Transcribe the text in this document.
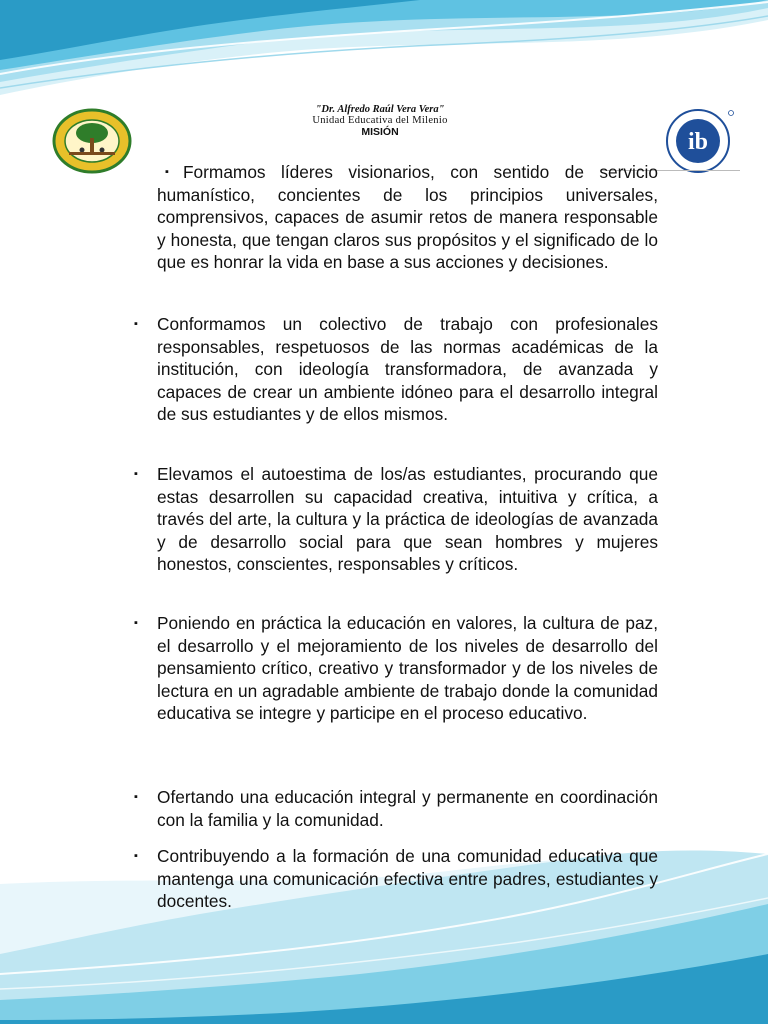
ib
"Dr. Alfredo Raúl Vera Vera"
Unidad Educativa del Milenio
MISIÓN
▪ Formamos líderes visionarios, con sentido de servicio humanístico, concientes de los principios universales, comprensivos, capaces de asumir retos de manera responsable y honesta, que tengan claros sus propósitos y el significado de lo que es honrar la vida en base a sus acciones y decisiones.
▪ Conformamos un colectivo de trabajo con profesionales responsables, respetuosos de las normas académicas de la institución, con ideología transformadora, de avanzada y capaces de crear un ambiente idóneo para el desarrollo integral de sus estudiantes y de ellos mismos.
▪ Elevamos el autoestima de los/as estudiantes, procurando que estas desarrollen su capacidad creativa, intuitiva y crítica, a través del arte, la cultura y la práctica de ideologías de avanzada y de desarrollo social para que sean hombres y mujeres honestos, conscientes, responsables y críticos.
▪ Poniendo en práctica la educación en valores, la cultura de paz, el desarrollo y el mejoramiento de los niveles de desarrollo del pensamiento crítico, creativo y transformador y de los niveles de lectura en un agradable ambiente de trabajo donde la comunidad educativa se integre y participe en el proceso educativo.
▪ Ofertando una educación integral y permanente en coordinación con la familia y la comunidad.
▪ Contribuyendo a la formación de una comunidad educativa que mantenga una comunicación efectiva entre padres, estudiantes y docentes.
